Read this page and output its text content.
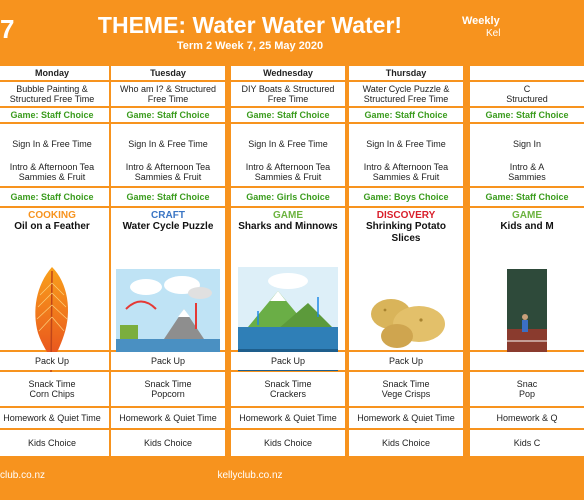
7	THEME: Water Water Water!
Term 2 Week 7, 25 May 2020
Weekly
Kel
Monday
Bubble Painting &
Structured Free Time
Game: Staff Choice
Sign In & Free Time
Intro & Afternoon Tea
Sammies & Fruit
Game: Staff Choice
COOKING
Oil on a Feather
Pack Up
Snack Time
Corn Chips
Homework & Quiet Time
Kids Choice
Tuesday
Who am I? & Structured
Free Time
Game: Staff Choice
Sign In & Free Time
Intro & Afternoon Tea
Sammies & Fruit
Game: Staff Choice
CRAFT
Water Cycle Puzzle
Pack Up
Snack Time
Popcorn
Homework & Quiet Time
Kids Choice
Wednesday
DIY Boats & Structured
Free Time
Game: Staff Choice
Sign In & Free Time
Intro & Afternoon Tea
Sammies & Fruit
Game: Girls Choice
GAME
Sharks and Minnows
Pack Up
Snack Time
Crackers
Homework & Quiet Time
Kids Choice
Thursday
Water Cycle Puzzle &
Structured Free Time
Game: Staff Choice
Sign In & Free Time
Intro & Afternoon Tea
Sammies & Fruit
Game: Boys Choice
DISCOVERY
Shrinking Potato Slices
Pack Up
Snack Time
Vege Crisps
Homework & Quiet Time
Kids Choice
C
Structured
Game: Staff Choice
Sign In
Intro & A
Sammies
Game: Staff Choice
GAME
Kids and M
Snac
Pop
Homework & Q
Kids C
club.co.nz	kellyclub.co.nz
